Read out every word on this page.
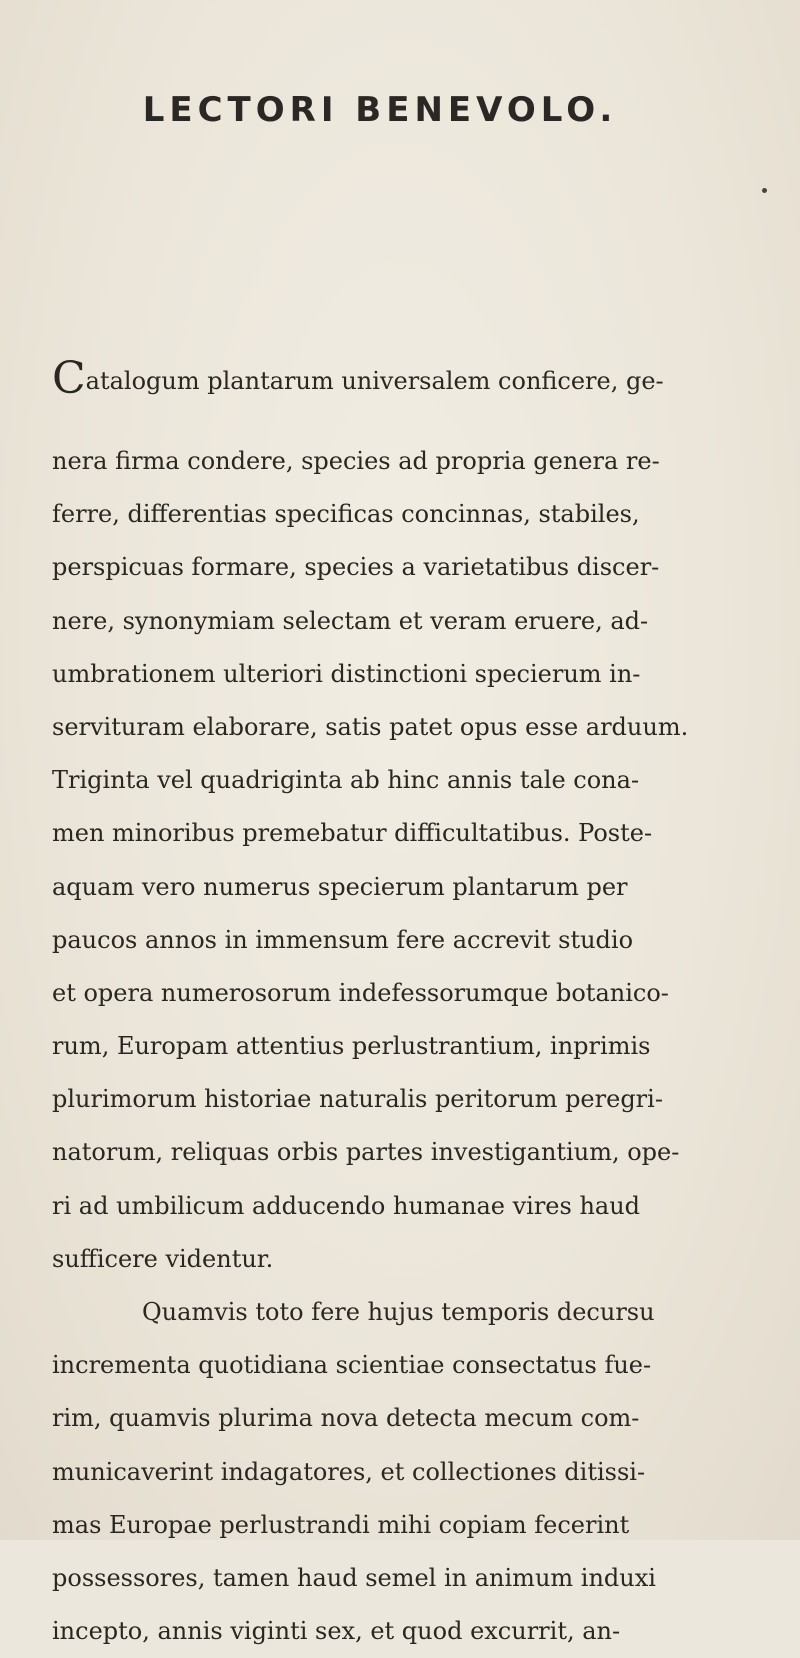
LECTORI BENEVOLO.
Catalogum plantarum universalem conficere, ge-
nera firma condere, species ad propria genera re-
ferre, differentias specificas concinnas, stabiles,
perspicuas formare, species a varietatibus discer-
nere, synonymiam selectam et veram eruere, ad-
umbrationem ulteriori distinctioni specierum in-
servituram elaborare, satis patet opus esse arduum.
Triginta vel quadriginta ab hinc annis tale cona-
men minoribus premebatur difficultatibus. Poste-
aquam vero numerus specierum plantarum per
paucos annos in immensum fere accrevit studio
et opera numerosorum indefessorumque botanico-
rum, Europam attentius perlustrantium, inprimis
plurimorum historiae naturalis peritorum peregri-
natorum, reliquas orbis partes investigantium, ope-
ri ad umbilicum adducendo humanae vires haud
sufficere videntur.
Quamvis toto fere hujus temporis decursu
incrementa quotidiana scientiae consectatus fue-
rim, quamvis plurima nova detecta mecum com-
municaverint indagatores, et collectiones ditissi-
mas Europae perlustrandi mihi copiam fecerint
possessores, tamen haud semel in animum induxi
incepto, annis viginti sex, et quod excurrit, an-
